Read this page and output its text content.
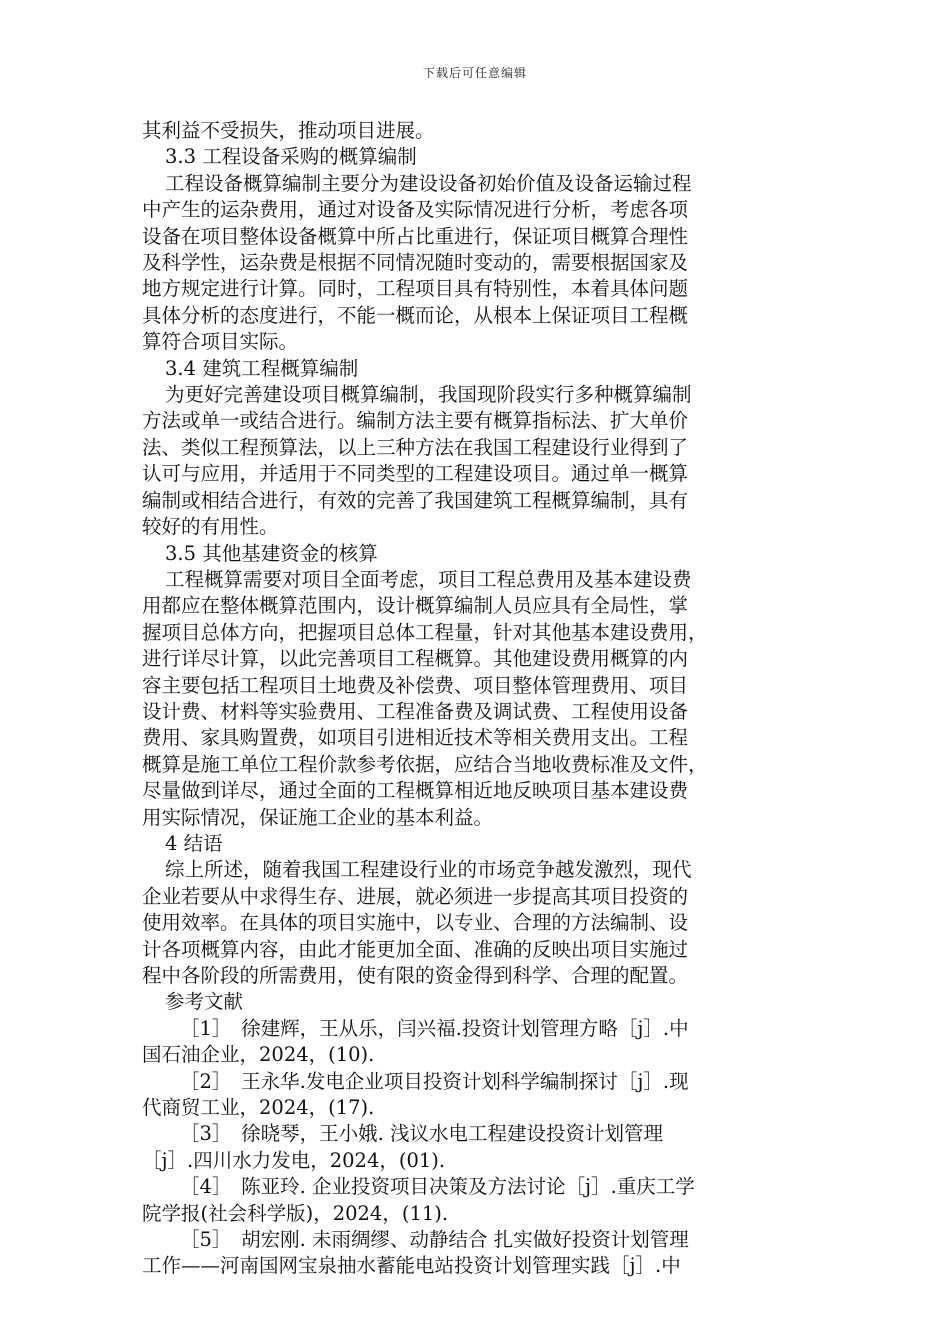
下载后可任意编辑
其利益不受损失，推动项目进展。
3.3 工程设备采购的概算编制
工程设备概算编制主要分为建设设备初始价值及设备运输过程
中产生的运杂费用，通过对设备及实际情况进行分析，考虑各项
设备在项目整体设备概算中所占比重进行，保证项目概算合理性
及科学性，运杂费是根据不同情况随时变动的，需要根据国家及
地方规定进行计算。同时，工程项目具有特别性，本着具体问题
具体分析的态度进行，不能一概而论，从根本上保证项目工程概
算符合项目实际。
3.4 建筑工程概算编制
为更好完善建设项目概算编制，我国现阶段实行多种概算编制
方法或单一或结合进行。编制方法主要有概算指标法、扩大单价
法、类似工程预算法，以上三种方法在我国工程建设行业得到了
认可与应用，并适用于不同类型的工程建设项目。通过单一概算
编制或相结合进行，有效的完善了我国建筑工程概算编制，具有
较好的有用性。
3.5 其他基建资金的核算
工程概算需要对项目全面考虑，项目工程总费用及基本建设费
用都应在整体概算范围内，设计概算编制人员应具有全局性，掌
握项目总体方向，把握项目总体工程量，针对其他基本建设费用，
进行详尽计算，以此完善项目工程概算。其他建设费用概算的内
容主要包括工程项目土地费及补偿费、项目整体管理费用、项目
设计费、材料等实验费用、工程准备费及调试费、工程使用设备
费用、家具购置费，如项目引进相近技术等相关费用支出。工程
概算是施工单位工程价款参考依据，应结合当地收费标准及文件，
尽量做到详尽，通过全面的工程概算相近地反映项目基本建设费
用实际情况，保证施工企业的基本利益。
4 结语
综上所述，随着我国工程建设行业的市场竞争越发激烈，现代
企业若要从中求得生存、进展，就必须进一步提高其项目投资的
使用效率。在具体的项目实施中，以专业、合理的方法编制、设
计各项概算内容，由此才能更加全面、准确的反映出项目实施过
程中各阶段的所需费用，使有限的资金得到科学、合理的配置。
参考文献
［1］　徐建辉，王从乐，闫兴福.投资计划管理方略［j］.中
国石油企业，2024，(10).
［2］　王永华.发电企业项目投资计划科学编制探讨［j］.现
代商贸工业，2024，(17).
［3］　徐晓琴，王小娥. 浅议水电工程建设投资计划管理
［j］.四川水力发电，2024，(01).
［4］　陈亚玲. 企业投资项目决策及方法讨论［j］.重庆工学
院学报(社会科学版)，2024，(11).
［5］　胡宏刚. 未雨绸缪、动静结合 扎实做好投资计划管理
工作——河南国网宝泉抽水蓄能电站投资计划管理实践［j］.中
